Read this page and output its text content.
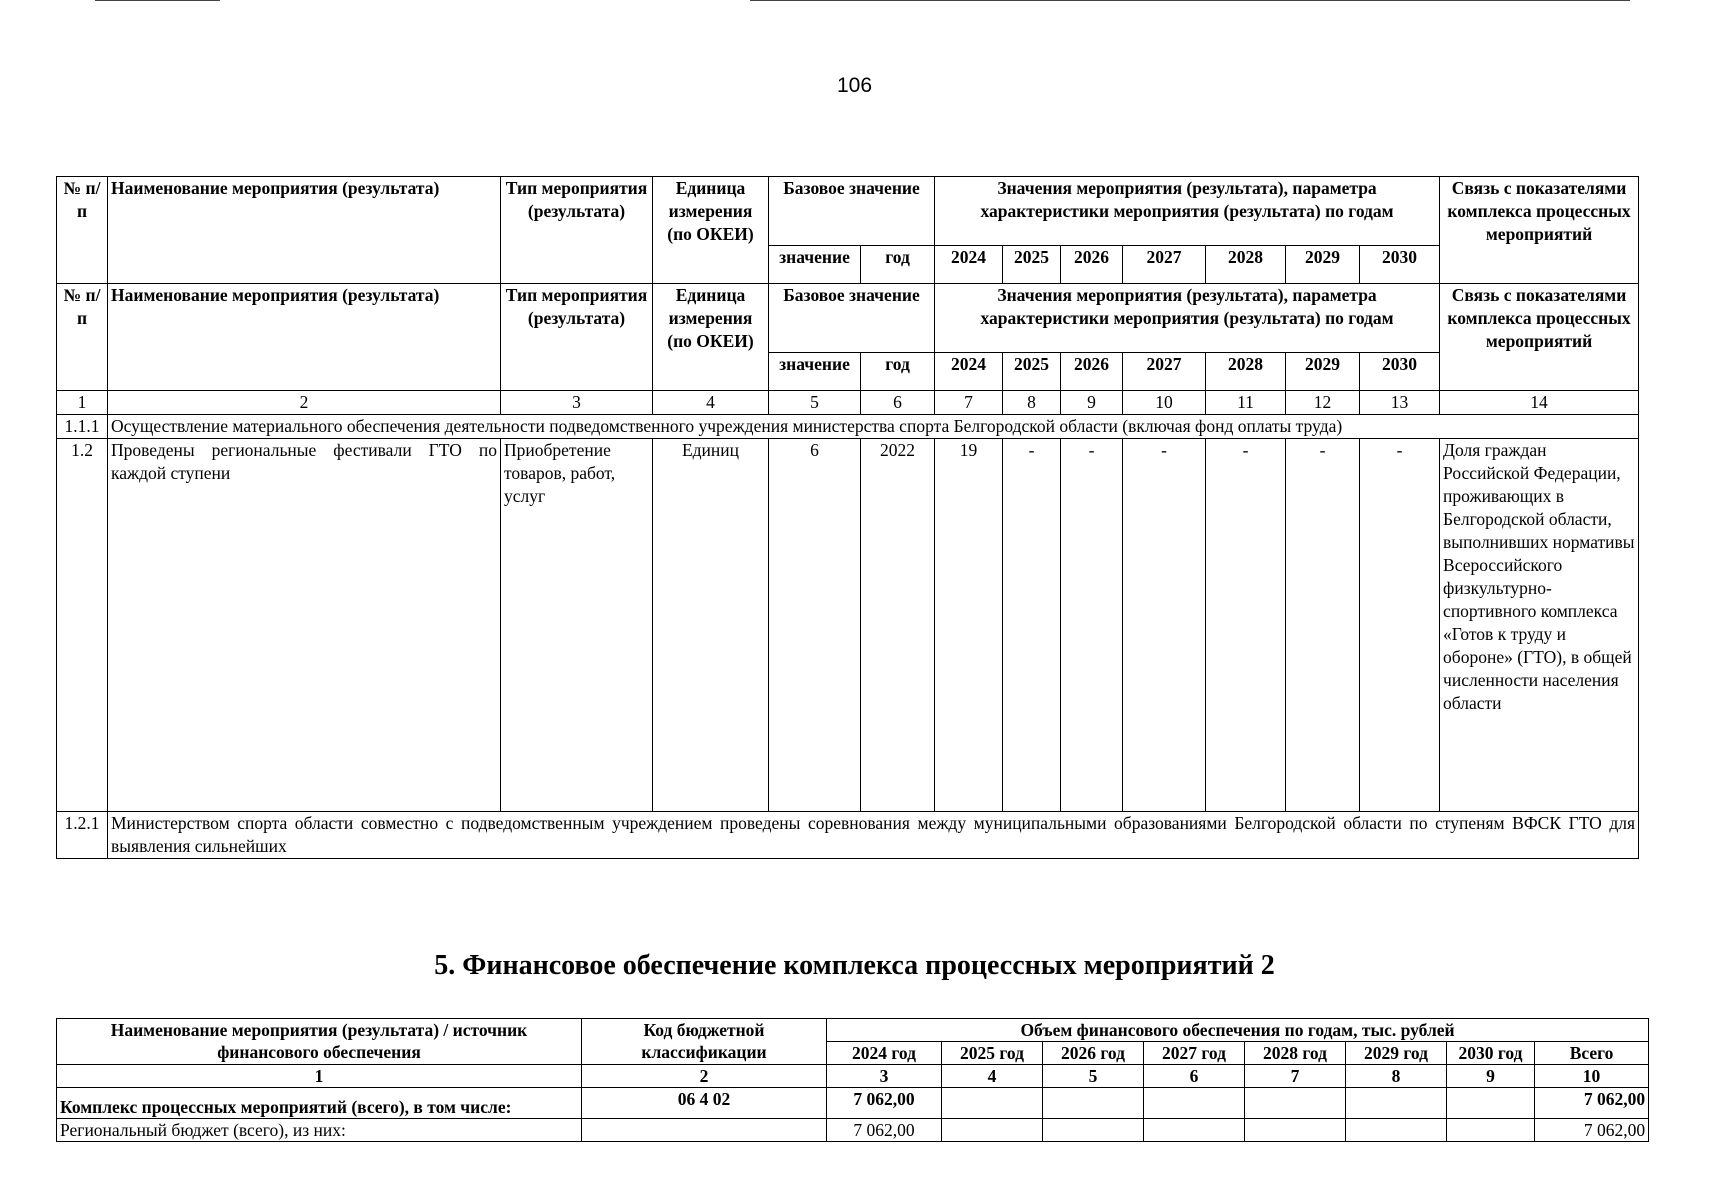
106
№ п/п	Наименование мероприятия (результата)	Тип мероприятия (результата)	Единица измерения (по ОКЕИ)	Базовое значение		Значения мероприятия (результата), параметра характеристики мероприятия (результата) по годам							Связь с показателями комплекса процессных мероприятий
				значение	год	2024	2025	2026	2027	2028	2029	2030	
№ п/п	Наименование мероприятия (результата)	Тип мероприятия (результата)	Единица измерения (по ОКЕИ)	Базовое значение		Значения мероприятия (результата), параметра характеристики мероприятия (результата) по годам							Связь с показателями комплекса процессных мероприятий
				значение	год	2024	2025	2026	2027	2028	2029	2030	
1	2	3	4	5	6	7	8	9	10	11	12	13	14
1.1.1	Осуществление материального обеспечения деятельности подведомственного учреждения министерства спорта Белгородской области (включая фонд оплаты труда)												
1.2	Проведены региональные фестивали ГТО по каждой ступени	Приобретение товаров, работ, услуг	Единиц	6	2022	19	-	-	-	-	-	-	Доля граждан Российской Федерации, проживающих в Белгородской области, выполнивших нормативы Всероссийского физкультурно-спортивного комплекса «Готов к труду и обороне» (ГТО), в общей численности населения области
1.2.1	Министерством спорта области совместно с подведомственным учреждением проведены соревнования между муниципальными образованиями Белгородской области по ступеням ВФСК ГТО для выявления сильнейших												
5. Финансовое обеспечение комплекса процессных мероприятий 2
Наименование мероприятия (результата) / источник финансового обеспечения	Код бюджетной классификации	Объем финансового обеспечения по годам, тыс. рублей							
		2024 год	2025 год	2026 год	2027 год	2028 год	2029 год	2030 год	Всего
1	2	3	4	5	6	7	8	9	10
Комплекс процессных мероприятий (всего), в том числе:	06 4 02	7 062,00							7 062,00
Региональный бюджет (всего), из них:		7 062,00							7 062,00
